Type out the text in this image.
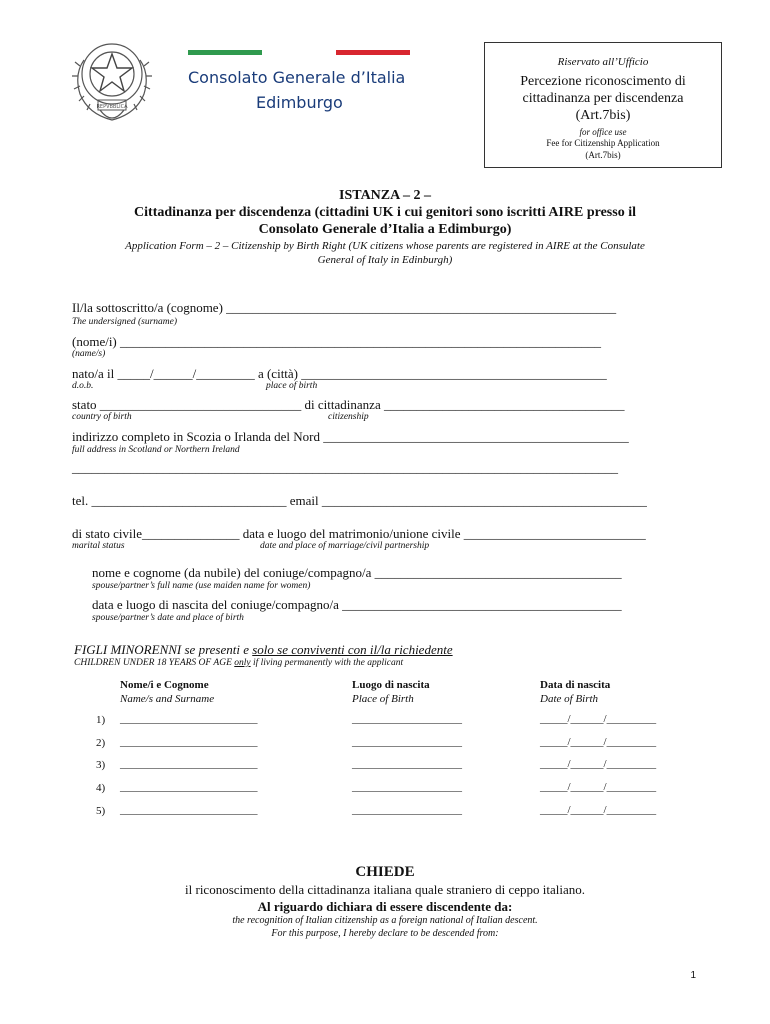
REPVBBLICA
Consolato Generale d’Italia
Edimburgo
Riservato all’Ufficio
Percezione riconoscimento di cittadinanza per discendenza
(Art.7bis)
for office use
Fee for Citizenship Application
(Art.7bis)
ISTANZA – 2 –
Cittadinanza per discendenza (cittadini UK i cui genitori sono iscritti AIRE presso il
Consolato Generale d’Italia a Edimburgo)
Application Form – 2 – Citizenship by Birth Right (UK citizens whose parents are registered in AIRE at the Consulate
General of Italy in Edinburgh)
Il/la sottoscritto/a (cognome) ____________________________________________________________
The undersigned (surname)
(nome/i) __________________________________________________________________________
(name/s)
nato/a il _____/______/_________ a (città) _______________________________________________
d.o.b.	place of birth
stato _______________________________ di cittadinanza _____________________________________
country of birth	citizenship
indirizzo completo in Scozia o Irlanda del Nord _______________________________________________
full address in Scotland or Northern Ireland
____________________________________________________________________________________
tel. ______________________________ email __________________________________________________
di stato civile_______________ data e luogo del matrimonio/unione civile ____________________________
marital status	date and place of marriage/civil partnership
nome e cognome (da nubile) del coniuge/compagno/a ______________________________________
spouse/partner’s full name (use maiden name for women)
data e luogo di nascita del coniuge/compagno/a ___________________________________________
spouse/partner’s date and place of birth
FIGLI MINORENNI se presenti e solo se conviventi con il/la richiedente
CHILDREN UNDER 18 YEARS OF AGE only if living permanently with the applicant
Nome/i e Cognome
Name/s and Surname
Luogo di nascita
Place of Birth
Data di nascita
Date of Birth
1) _________________________	____________________	_____/______/_________
2) _________________________	____________________	_____/______/_________
3) _________________________	____________________	_____/______/_________
4) _________________________	____________________	_____/______/_________
5) _________________________	____________________	_____/______/_________
CHIEDE
il riconoscimento della cittadinanza italiana quale straniero di ceppo italiano.
Al riguardo dichiara di essere discendente da:
the recognition of Italian citizenship as a foreign national of Italian descent.
For this purpose, I hereby declare to be descended from:
1
